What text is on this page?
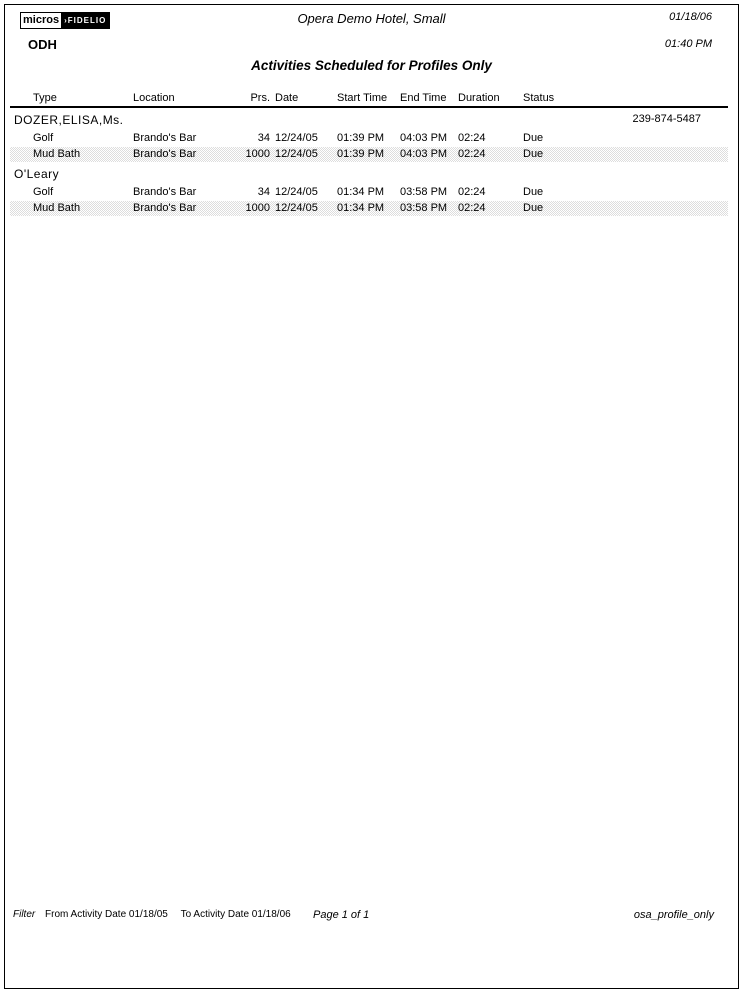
micros ›FIDELIO
ODH
Opera Demo Hotel, Small	01/18/06
01:40 PM
Activities Scheduled for Profiles Only
Type	Location	Prs. Date	Start Time End Time Duration Status
DOZER,ELISA,Ms.	239-874-5487
Golf	Brando's Bar	34 12/24/05 01:39 PM 04:03 PM 02:24	Due
Mud Bath	Brando's Bar	1000 12/24/05 01:39 PM 04:03 PM 02:24	Due
O'Leary
Golf	Brando's Bar	34 12/24/05 01:34 PM 03:58 PM 02:24	Due
Mud Bath	Brando's Bar	1000 12/24/05 01:34 PM 03:58 PM 02:24	Due
Filter From Activity Date 01/18/05 To Activity Date 01/18/06 Page 1 of 1	osa_profile_only
